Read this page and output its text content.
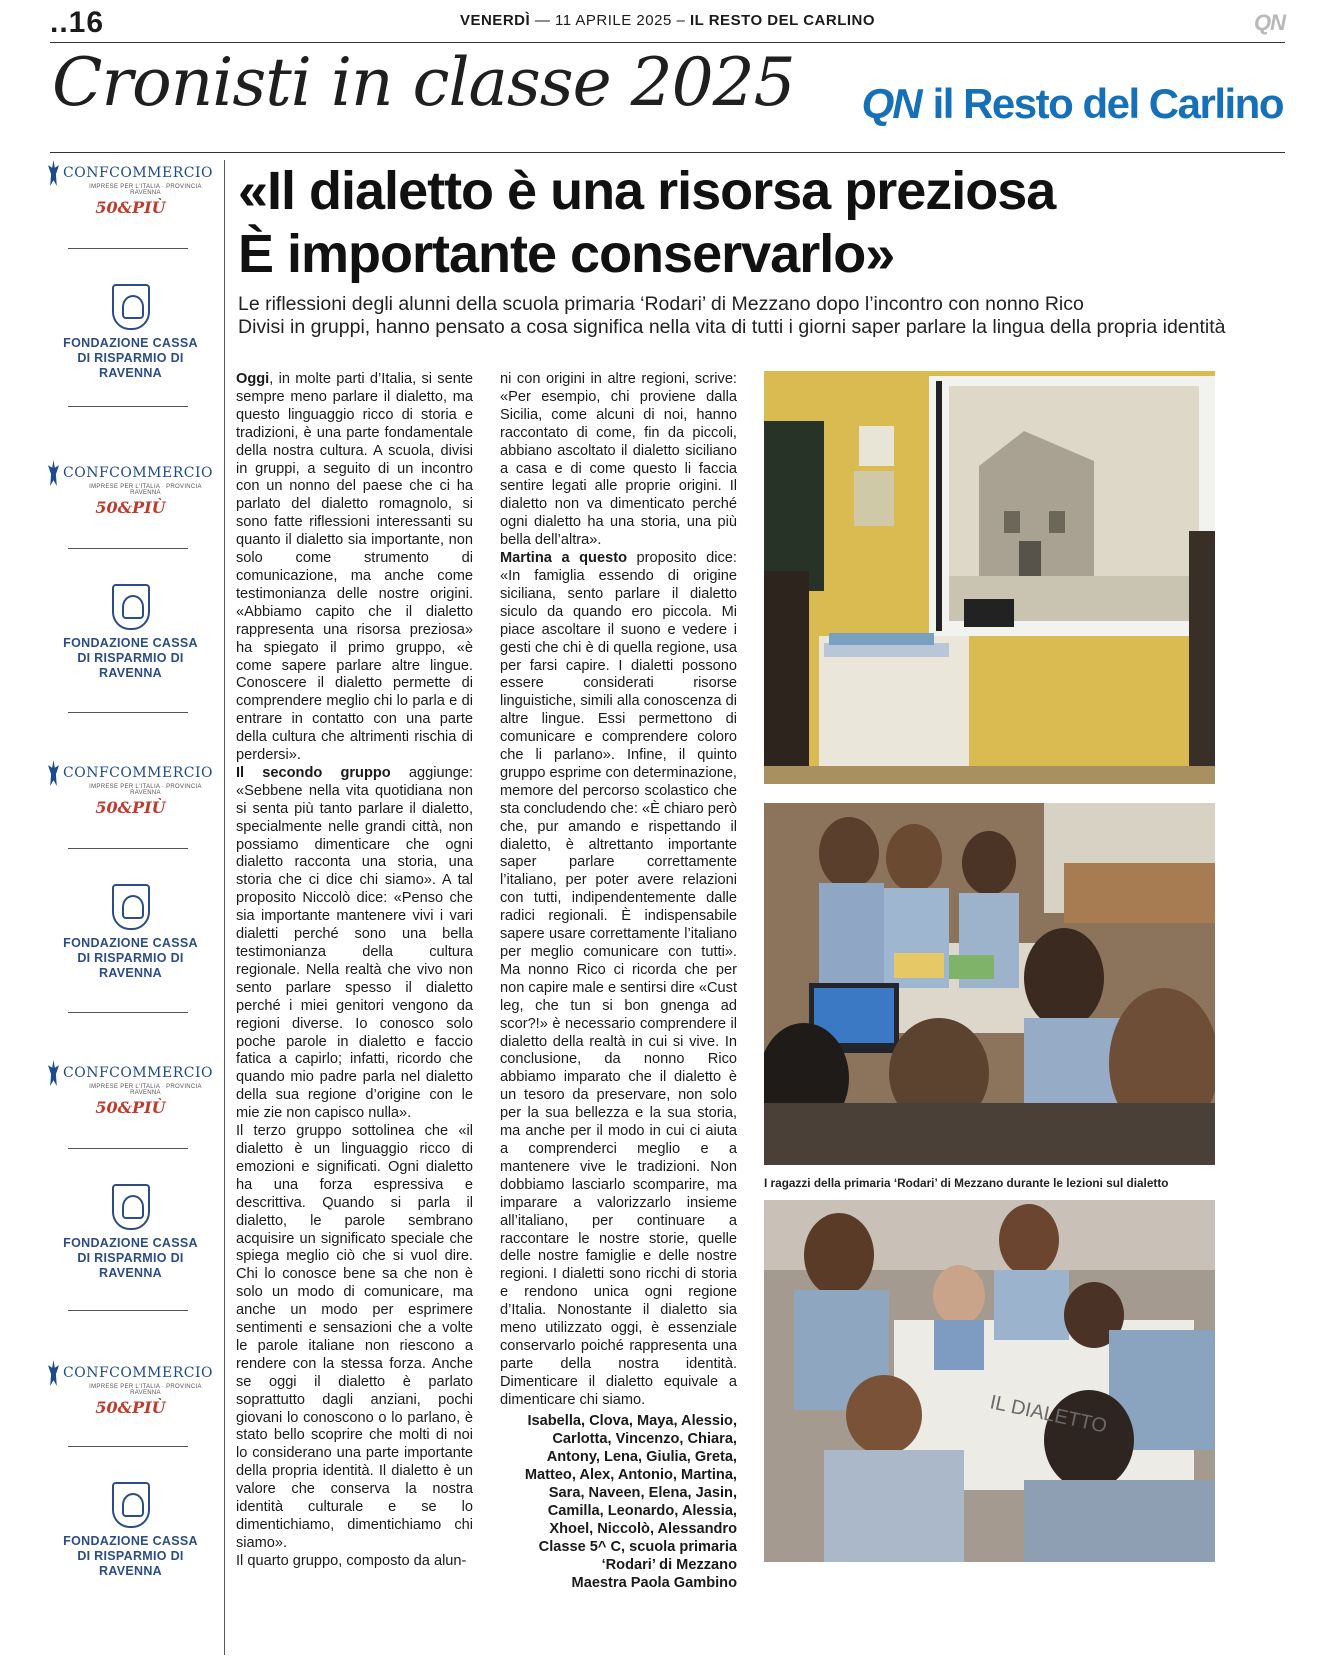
..16	VENERDÌ — 11 APRILE 2025 – IL RESTO DEL CARLINO	QN
Cronisti in classe 2025 QN il Resto del Carlino
CONFCOMMERCIO
IMPRESE PER L'ITALIA · PROVINCIA RAVENNA
50&PIÙ
FONDAZIONE CASSA
DI RISPARMIO DI RAVENNA
CONFCOMMERCIO
IMPRESE PER L'ITALIA · PROVINCIA RAVENNA
50&PIÙ
FONDAZIONE CASSA
DI RISPARMIO DI RAVENNA
CONFCOMMERCIO
IMPRESE PER L'ITALIA · PROVINCIA RAVENNA
50&PIÙ
FONDAZIONE CASSA
DI RISPARMIO DI RAVENNA
CONFCOMMERCIO
IMPRESE PER L'ITALIA · PROVINCIA RAVENNA
50&PIÙ
FONDAZIONE CASSA
DI RISPARMIO DI RAVENNA
CONFCOMMERCIO
IMPRESE PER L'ITALIA · PROVINCIA RAVENNA
50&PIÙ
FONDAZIONE CASSA
DI RISPARMIO DI RAVENNA
«Il dialetto è una risorsa preziosa
È importante conservarlo»
Le riflessioni degli alunni della scuola primaria ‘Rodari’ di Mezzano dopo l’incontro con nonno Rico
Divisi in gruppi, hanno pensato a cosa significa nella vita di tutti i giorni saper parlare la lingua della propria identità

Oggi, in molte parti d’Italia, si sente sempre meno parlare il dialetto, ma questo linguaggio ricco di storia e tradizioni, è una parte fondamentale della nostra cultura. A scuola, divisi in gruppi, a seguito di un incontro con un nonno del paese che ci ha parlato del dialetto romagnolo, si sono fatte riflessioni interessanti su quanto il dialetto sia importante, non solo come strumento di comunicazione, ma anche come testimonianza delle nostre origini. «Abbiamo capito che il dialetto rappresenta una risorsa preziosa» ha spiegato il primo gruppo, «è come sapere parlare altre lingue. Conoscere il dialetto permette di comprendere meglio chi lo parla e di entrare in contatto con una parte della cultura che altrimenti rischia di perdersi».

Il secondo gruppo aggiunge: «Sebbene nella vita quotidiana non si senta più tanto parlare il dialetto, specialmente nelle grandi città, non possiamo dimenticare che ogni dialetto racconta una storia, una storia che ci dice chi siamo». A tal proposito Niccolò dice: «Penso che sia importante mantenere vivi i vari dialetti perché sono una bella testimonianza della cultura regionale. Nella realtà che vivo non sento parlare spesso il dialetto perché i miei genitori vengono da regioni diverse. Io conosco solo poche parole in dialetto e faccio fatica a capirlo; infatti, ricordo che quando mio padre parla nel dialetto della sua regione d’origine con le mie zie non capisco nulla».

Il terzo gruppo sottolinea che «il dialetto è un linguaggio ricco di emozioni e significati. Ogni dialetto ha una forza espressiva e descrittiva. Quando si parla il dialetto, le parole sembrano acquisire un significato speciale che spiega meglio ciò che si vuol dire. Chi lo conosce bene sa che non è solo un modo di comunicare, ma anche un modo per esprimere sentimenti e sensazioni che a volte le parole italiane non riescono a rendere con la stessa forza. Anche se oggi il dialetto è parlato soprattutto dagli anziani, pochi giovani lo conoscono o lo parlano, è stato bello scoprire che molti di noi lo considerano una parte importante della propria identità. Il dialetto è un valore che conserva la nostra identità culturale e se lo dimentichiamo, dimentichiamo chi siamo».

Il quarto gruppo, composto da alun-

ni con origini in altre regioni, scrive: «Per esempio, chi proviene dalla Sicilia, come alcuni di noi, hanno raccontato di come, fin da piccoli, abbiano ascoltato il dialetto siciliano a casa e di come questo li faccia sentire legati alle proprie origini. Il dialetto non va dimenticato perché ogni dialetto ha una storia, una più bella dell’altra».

Martina a questo proposito dice: «In famiglia essendo di origine siciliana, sento parlare il dialetto siculo da quando ero piccola. Mi piace ascoltare il suono e vedere i gesti che chi è di quella regione, usa per farsi capire. I dialetti possono essere considerati risorse linguistiche, simili alla conoscenza di altre lingue. Essi permettono di comunicare e comprendere coloro che li parlano». Infine, il quinto gruppo esprime con determinazione, memore del percorso scolastico che sta concludendo che: «È chiaro però che, pur amando e rispettando il dialetto, è altrettanto importante saper parlare correttamente l’italiano, per poter avere relazioni con tutti, indipendentemente dalle radici regionali. È indispensabile sapere usare correttamente l’italiano per meglio comunicare con tutti». Ma nonno Rico ci ricorda che per non capire male e sentirsi dire «Cust leg, che tun si bon gnenga ad scor?!» è necessario comprendere il dialetto della realtà in cui si vive. In conclusione, da nonno Rico abbiamo imparato che il dialetto è un tesoro da preservare, non solo per la sua bellezza e la sua storia, ma anche per il modo in cui ci aiuta a comprenderci meglio e a mantenere vive le tradizioni. Non dobbiamo lasciarlo scomparire, ma imparare a valorizzarlo insieme all’italiano, per continuare a raccontare le nostre storie, quelle delle nostre famiglie e delle nostre regioni. I dialetti sono ricchi di storia e rendono unica ogni regione d’Italia. Nonostante il dialetto sia meno utilizzato oggi, è essenziale conservarlo poiché rappresenta una parte della nostra identità. Dimenticare il dialetto equivale a dimenticare chi siamo.

Isabella, Clova, Maya, Alessio, Carlotta, Vincenzo, Chiara, Antony, Lena, Giulia, Greta, Matteo, Alex, Antonio, Martina, Sara, Naveen, Elena, Jasin, Camilla, Leonardo, Alessia, Xhoel, Niccolò, Alessandro
Classe 5^ C, scuola primaria ‘Rodari’ di Mezzano
Maestra Paola Gambino
I ragazzi della primaria ‘Rodari’ di Mezzano durante le lezioni sul dialetto
IL DIALETTO
